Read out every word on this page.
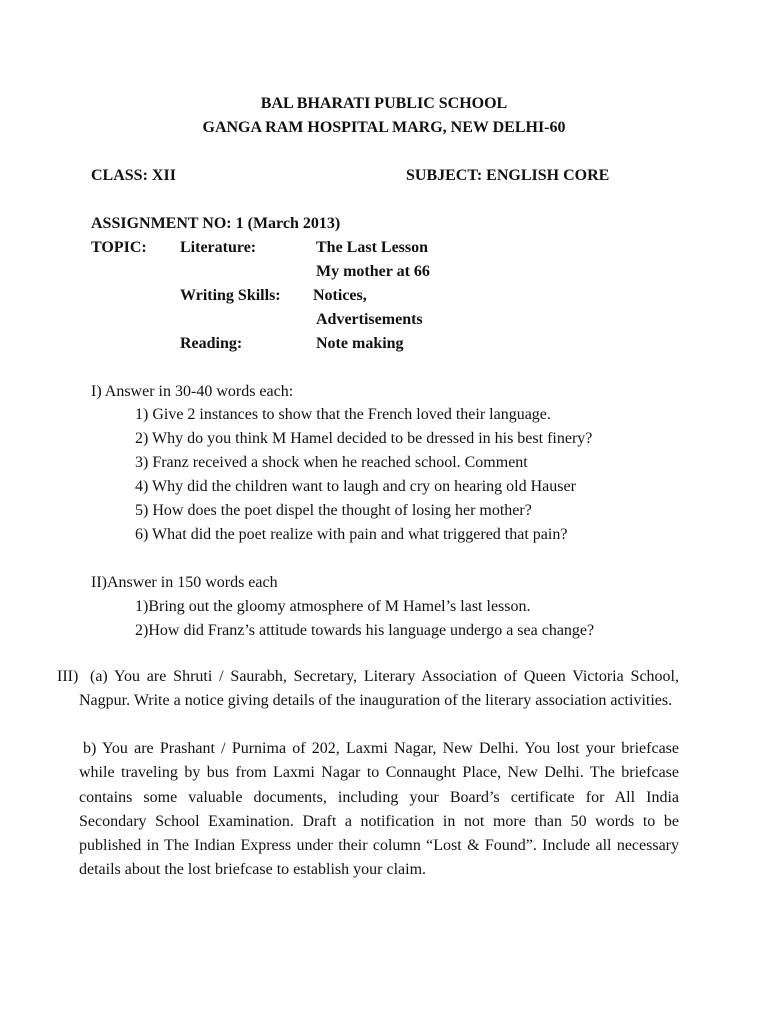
BAL BHARATI PUBLIC SCHOOL
GANGA RAM HOSPITAL MARG, NEW DELHI-60
CLASS: XII	SUBJECT: ENGLISH CORE
ASSIGNMENT NO: 1 (March 2013)
TOPIC: Literature:	The Last Lesson
My mother at 66
Writing Skills: Notices,
Advertisements
Reading:	Note making
I) Answer in 30-40 words each:
1) Give 2 instances to show that the French loved their language.
2) Why do you think M Hamel decided to be dressed in his best finery?
3) Franz received a shock when he reached school. Comment
4) Why did the children want to laugh and cry on hearing old Hauser
5) How does the poet dispel the thought of losing her mother?
6) What did the poet realize with pain and what triggered that pain?
II)Answer in 150 words each
1)Bring out the gloomy atmosphere of M Hamel’s last lesson.
2)How did Franz’s attitude towards his language undergo a sea change?
III) (a) You are Shruti / Saurabh, Secretary, Literary Association of Queen Victoria School, Nagpur. Write a notice giving details of the inauguration of the literary association activities.
b) You are Prashant / Purnima of 202, Laxmi Nagar, New Delhi. You lost your briefcase while traveling by bus from Laxmi Nagar to Connaught Place, New Delhi. The briefcase contains some valuable documents, including your Board’s certificate for All India Secondary School Examination. Draft a notification in not more than 50 words to be published in The Indian Express under their column “Lost & Found”. Include all necessary details about the lost briefcase to establish your claim.
